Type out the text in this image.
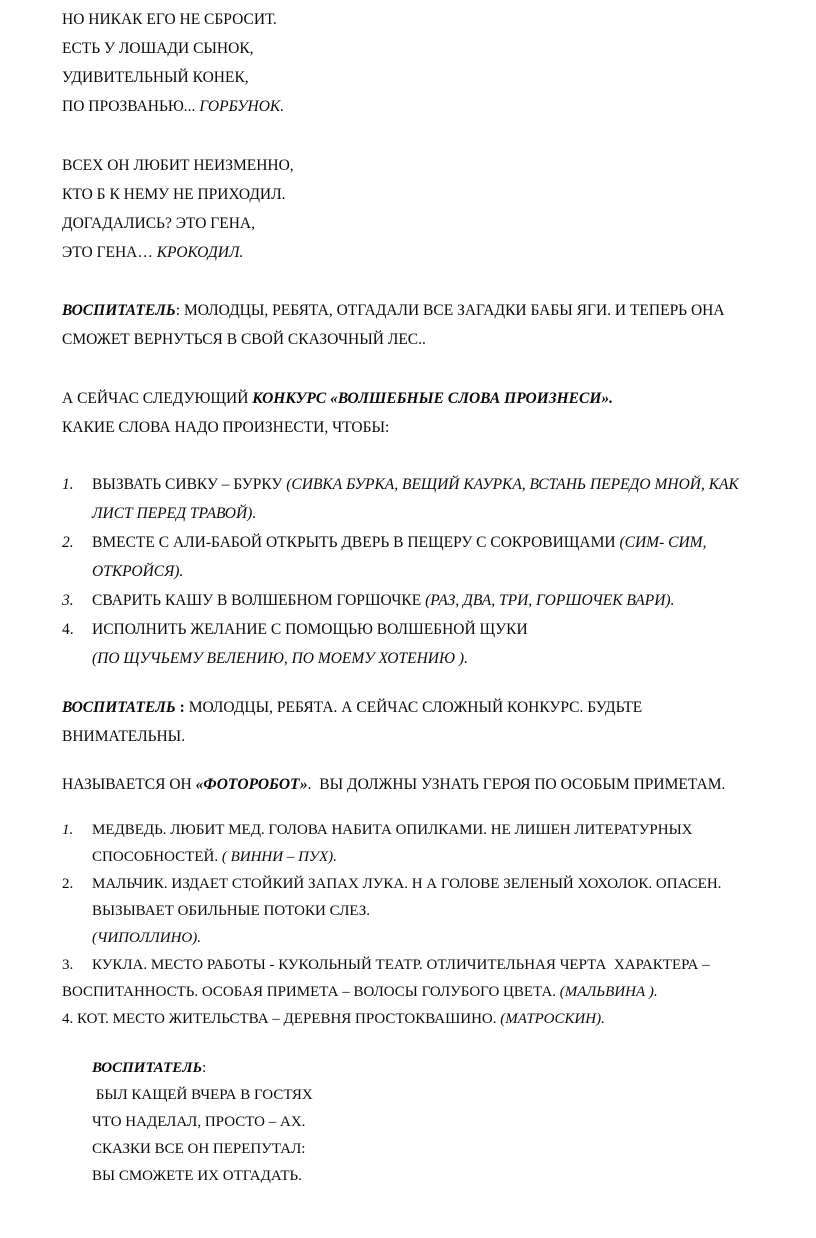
НО НИКАК ЕГО НЕ СБРОСИТ.
ЕСТЬ У ЛОШАДИ СЫНОК,
УДИВИТЕЛЬНЫЙ КОНЕК,
ПО ПРОЗВАНЬЮ... ГОРБУНОК.
ВСЕХ ОН ЛЮБИТ НЕИЗМЕННО,
КТО Б К НЕМУ НЕ ПРИХОДИЛ.
ДОГАДАЛИСЬ? ЭТО ГЕНА,
ЭТО ГЕНА… КРОКОДИЛ.
ВОСПИТАТЕЛЬ: МОЛОДЦЫ, РЕБЯТА, ОТГАДАЛИ ВСЕ ЗАГАДКИ БАБЫ ЯГИ. И ТЕПЕРЬ ОНА
СМОЖЕТ ВЕРНУТЬСЯ В СВОЙ СКАЗОЧНЫЙ ЛЕС..
А СЕЙЧАС СЛЕДУЮЩИЙ КОНКУРС «ВОЛШЕБНЫЕ СЛОВА ПРОИЗНЕСИ».
КАКИЕ СЛОВА НАДО ПРОИЗНЕСТИ, ЧТОБЫ:
1. ВЫЗВАТЬ СИВКУ – БУРКУ (СИВКА БУРКА, ВЕЩИЙ КАУРКА, ВСТАНЬ ПЕРЕДО МНОЙ, КАК
ЛИСТ ПЕРЕД ТРАВОЙ).
2. ВМЕСТЕ С АЛИ-БАБОЙ ОТКРЫТЬ ДВЕРЬ В ПЕЩЕРУ С СОКРОВИЩАМИ (СИМ- СИМ,
ОТКРОЙСЯ).
3. СВАРИТЬ КАШУ В ВОЛШЕБНОМ ГОРШОЧКЕ (РАЗ, ДВА, ТРИ, ГОРШОЧЕК ВАРИ).
4. ИСПОЛНИТЬ ЖЕЛАНИЕ С ПОМОЩЬЮ ВОЛШЕБНОЙ ЩУКИ
(ПО ЩУЧЬЕМУ ВЕЛЕНИЮ, ПО МОЕМУ ХОТЕНИЮ ).
ВОСПИТАТЕЛЬ : МОЛОДЦЫ, РЕБЯТА. А СЕЙЧАС СЛОЖНЫЙ КОНКУРС. БУДЬТЕ
ВНИМАТЕЛЬНЫ.
НАЗЫВАЕТСЯ ОН «ФОТОРОБОТ».  ВЫ ДОЛЖНЫ УЗНАТЬ ГЕРОЯ ПО ОСОБЫМ ПРИМЕТАМ.
1. МЕДВЕДЬ. ЛЮБИТ МЕД. ГОЛОВА НАБИТА ОПИЛКАМИ. НЕ ЛИШЕН ЛИТЕРАТУРНЫХ
СПОСОБНОСТЕЙ. ( ВИННИ – ПУХ).
2. МАЛЬЧИК. ИЗДАЕТ СТОЙКИЙ ЗАПАХ ЛУКА. Н А ГОЛОВЕ ЗЕЛЕНЫЙ ХОХОЛОК. ОПАСЕН.
ВЫЗЫВАЕТ ОБИЛЬНЫЕ ПОТОКИ СЛЕЗ.
(ЧИПОЛЛИНО).
3.     КУКЛА. МЕСТО РАБОТЫ - КУКОЛЬНЫЙ ТЕАТР. ОТЛИЧИТЕЛЬНАЯ ЧЕРТА  ХАРАКТЕРА –
ВОСПИТАННОСТЬ. ОСОБАЯ ПРИМЕТА – ВОЛОСЫ ГОЛУБОГО ЦВЕТА. (МАЛЬВИНА ).
4. КОТ. МЕСТО ЖИТЕЛЬСТВА – ДЕРЕВНЯ ПРОСТОКВАШИНО. (МАТРОСКИН).
ВОСПИТАТЕЛЬ:
БЫЛ КАЩЕЙ ВЧЕРА В ГОСТЯХ
ЧТО НАДЕЛАЛ, ПРОСТО – АХ.
СКАЗКИ ВСЕ ОН ПЕРЕПУТАЛ:
ВЫ СМОЖЕТЕ ИХ ОТГАДАТЬ.
